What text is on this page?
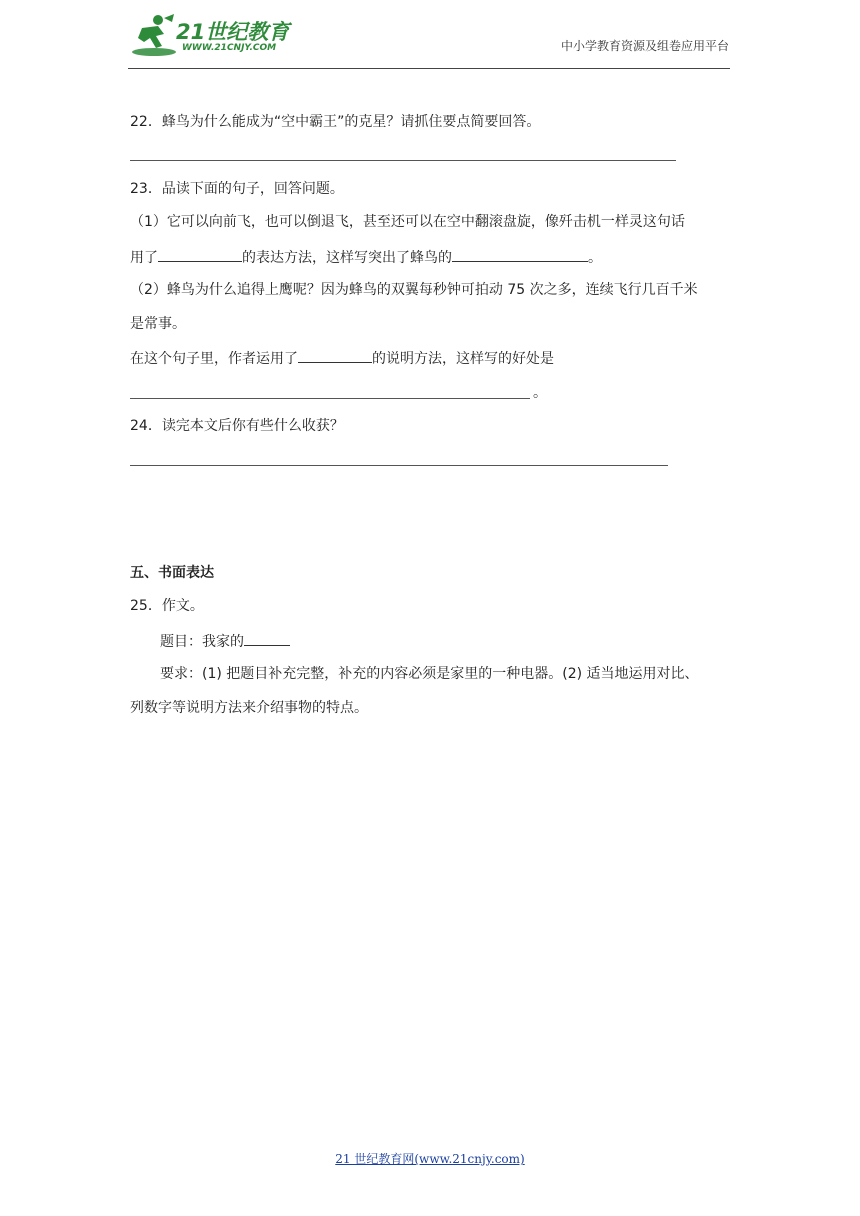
21世纪教育
WWW.21CNJY.COM	中小学教育资源及组卷应用平台
22．蜂鸟为什么能成为“空中霸王”的克星？请抓住要点简要回答。
23．品读下面的句子，回答问题。
（1）它可以向前飞，也可以倒退飞，甚至还可以在空中翻滚盘旋，像歼击机一样灵这句话
用了	的表达方法，这样写突出了蜂鸟的	。
（2）蜂鸟为什么追得上鹰呢？因为蜂鸟的双翼每秒钟可拍动 75 次之多，连续飞行几百千米
是常事。
在这个句子里，作者运用了	的说明方法，这样写的好处是
。
24．读完本文后你有些什么收获？
五、书面表达
25．作文。
题目：我家的
要求：(1) 把题目补充完整，补充的内容必须是家里的一种电器。(2) 适当地运用对比、
列数字等说明方法来介绍事物的特点。
21 世纪教育网(www.21cnjy.com)
